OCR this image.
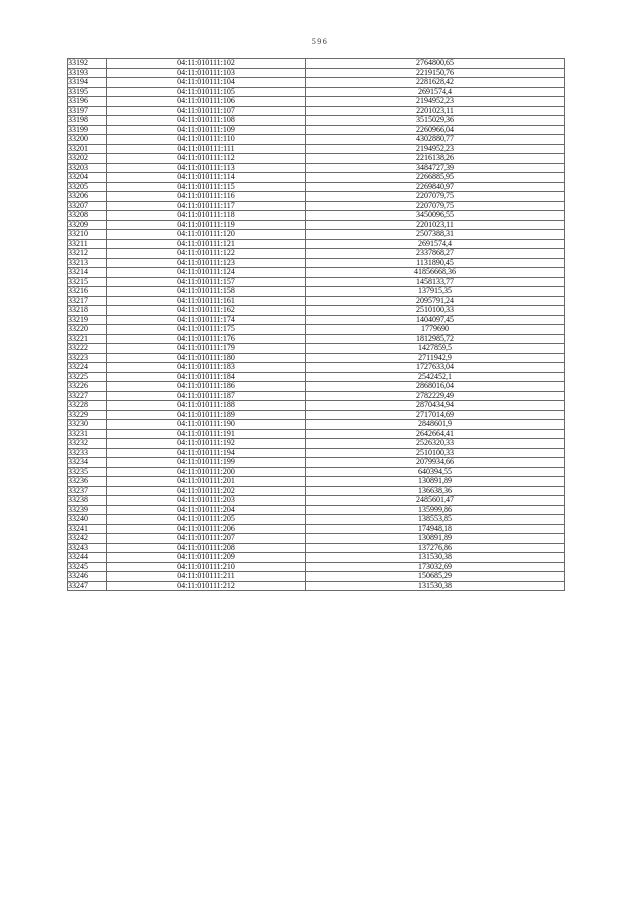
596
33192	04:11:010111:102	2764800,65
33193	04:11:010111:103	2219150,76
33194	04:11:010111:104	2281628,42
33195	04:11:010111:105	2691574,4
33196	04:11:010111:106	2194952,23
33197	04:11:010111:107	2201023,11
33198	04:11:010111:108	3515029,36
33199	04:11:010111:109	2260966,04
33200	04:11:010111:110	4302880,77
33201	04:11:010111:111	2194952,23
33202	04:11:010111:112	2216138,26
33203	04:11:010111:113	3484727,39
33204	04:11:010111:114	2266885,95
33205	04:11:010111:115	2269840,97
33206	04:11:010111:116	2207079,75
33207	04:11:010111:117	2207079,75
33208	04:11:010111:118	3450096,55
33209	04:11:010111:119	2201023,11
33210	04:11:010111:120	2507388,31
33211	04:11:010111:121	2691574,4
33212	04:11:010111:122	2337868,27
33213	04:11:010111:123	1131890,45
33214	04:11:010111:124	41856668,36
33215	04:11:010111:157	1458133,77
33216	04:11:010111:158	137915,35
33217	04:11:010111:161	2095791,24
33218	04:11:010111:162	2510100,33
33219	04:11:010111:174	1404097,45
33220	04:11:010111:175	1779690
33221	04:11:010111:176	1812985,72
33222	04:11:010111:179	1427859,5
33223	04:11:010111:180	2711942,9
33224	04:11:010111:183	1727633,04
33225	04:11:010111:184	2542452,1
33226	04:11:010111:186	2868016,04
33227	04:11:010111:187	2782229,49
33228	04:11:010111:188	2870434,94
33229	04:11:010111:189	2717014,69
33230	04:11:010111:190	2848601,9
33231	04:11:010111:191	2642664,41
33232	04:11:010111:192	2526320,33
33233	04:11:010111:194	2510100,33
33234	04:11:010111:199	2079934,66
33235	04:11:010111:200	640394,55
33236	04:11:010111:201	130891,89
33237	04:11:010111:202	136638,36
33238	04:11:010111:203	2485601,47
33239	04:11:010111:204	135999,86
33240	04:11:010111:205	138553,85
33241	04:11:010111:206	174948,18
33242	04:11:010111:207	130891,89
33243	04:11:010111:208	137276,86
33244	04:11:010111:209	131530,38
33245	04:11:010111:210	173032,69
33246	04:11:010111:211	150685,29
33247	04:11:010111:212	131530,38
